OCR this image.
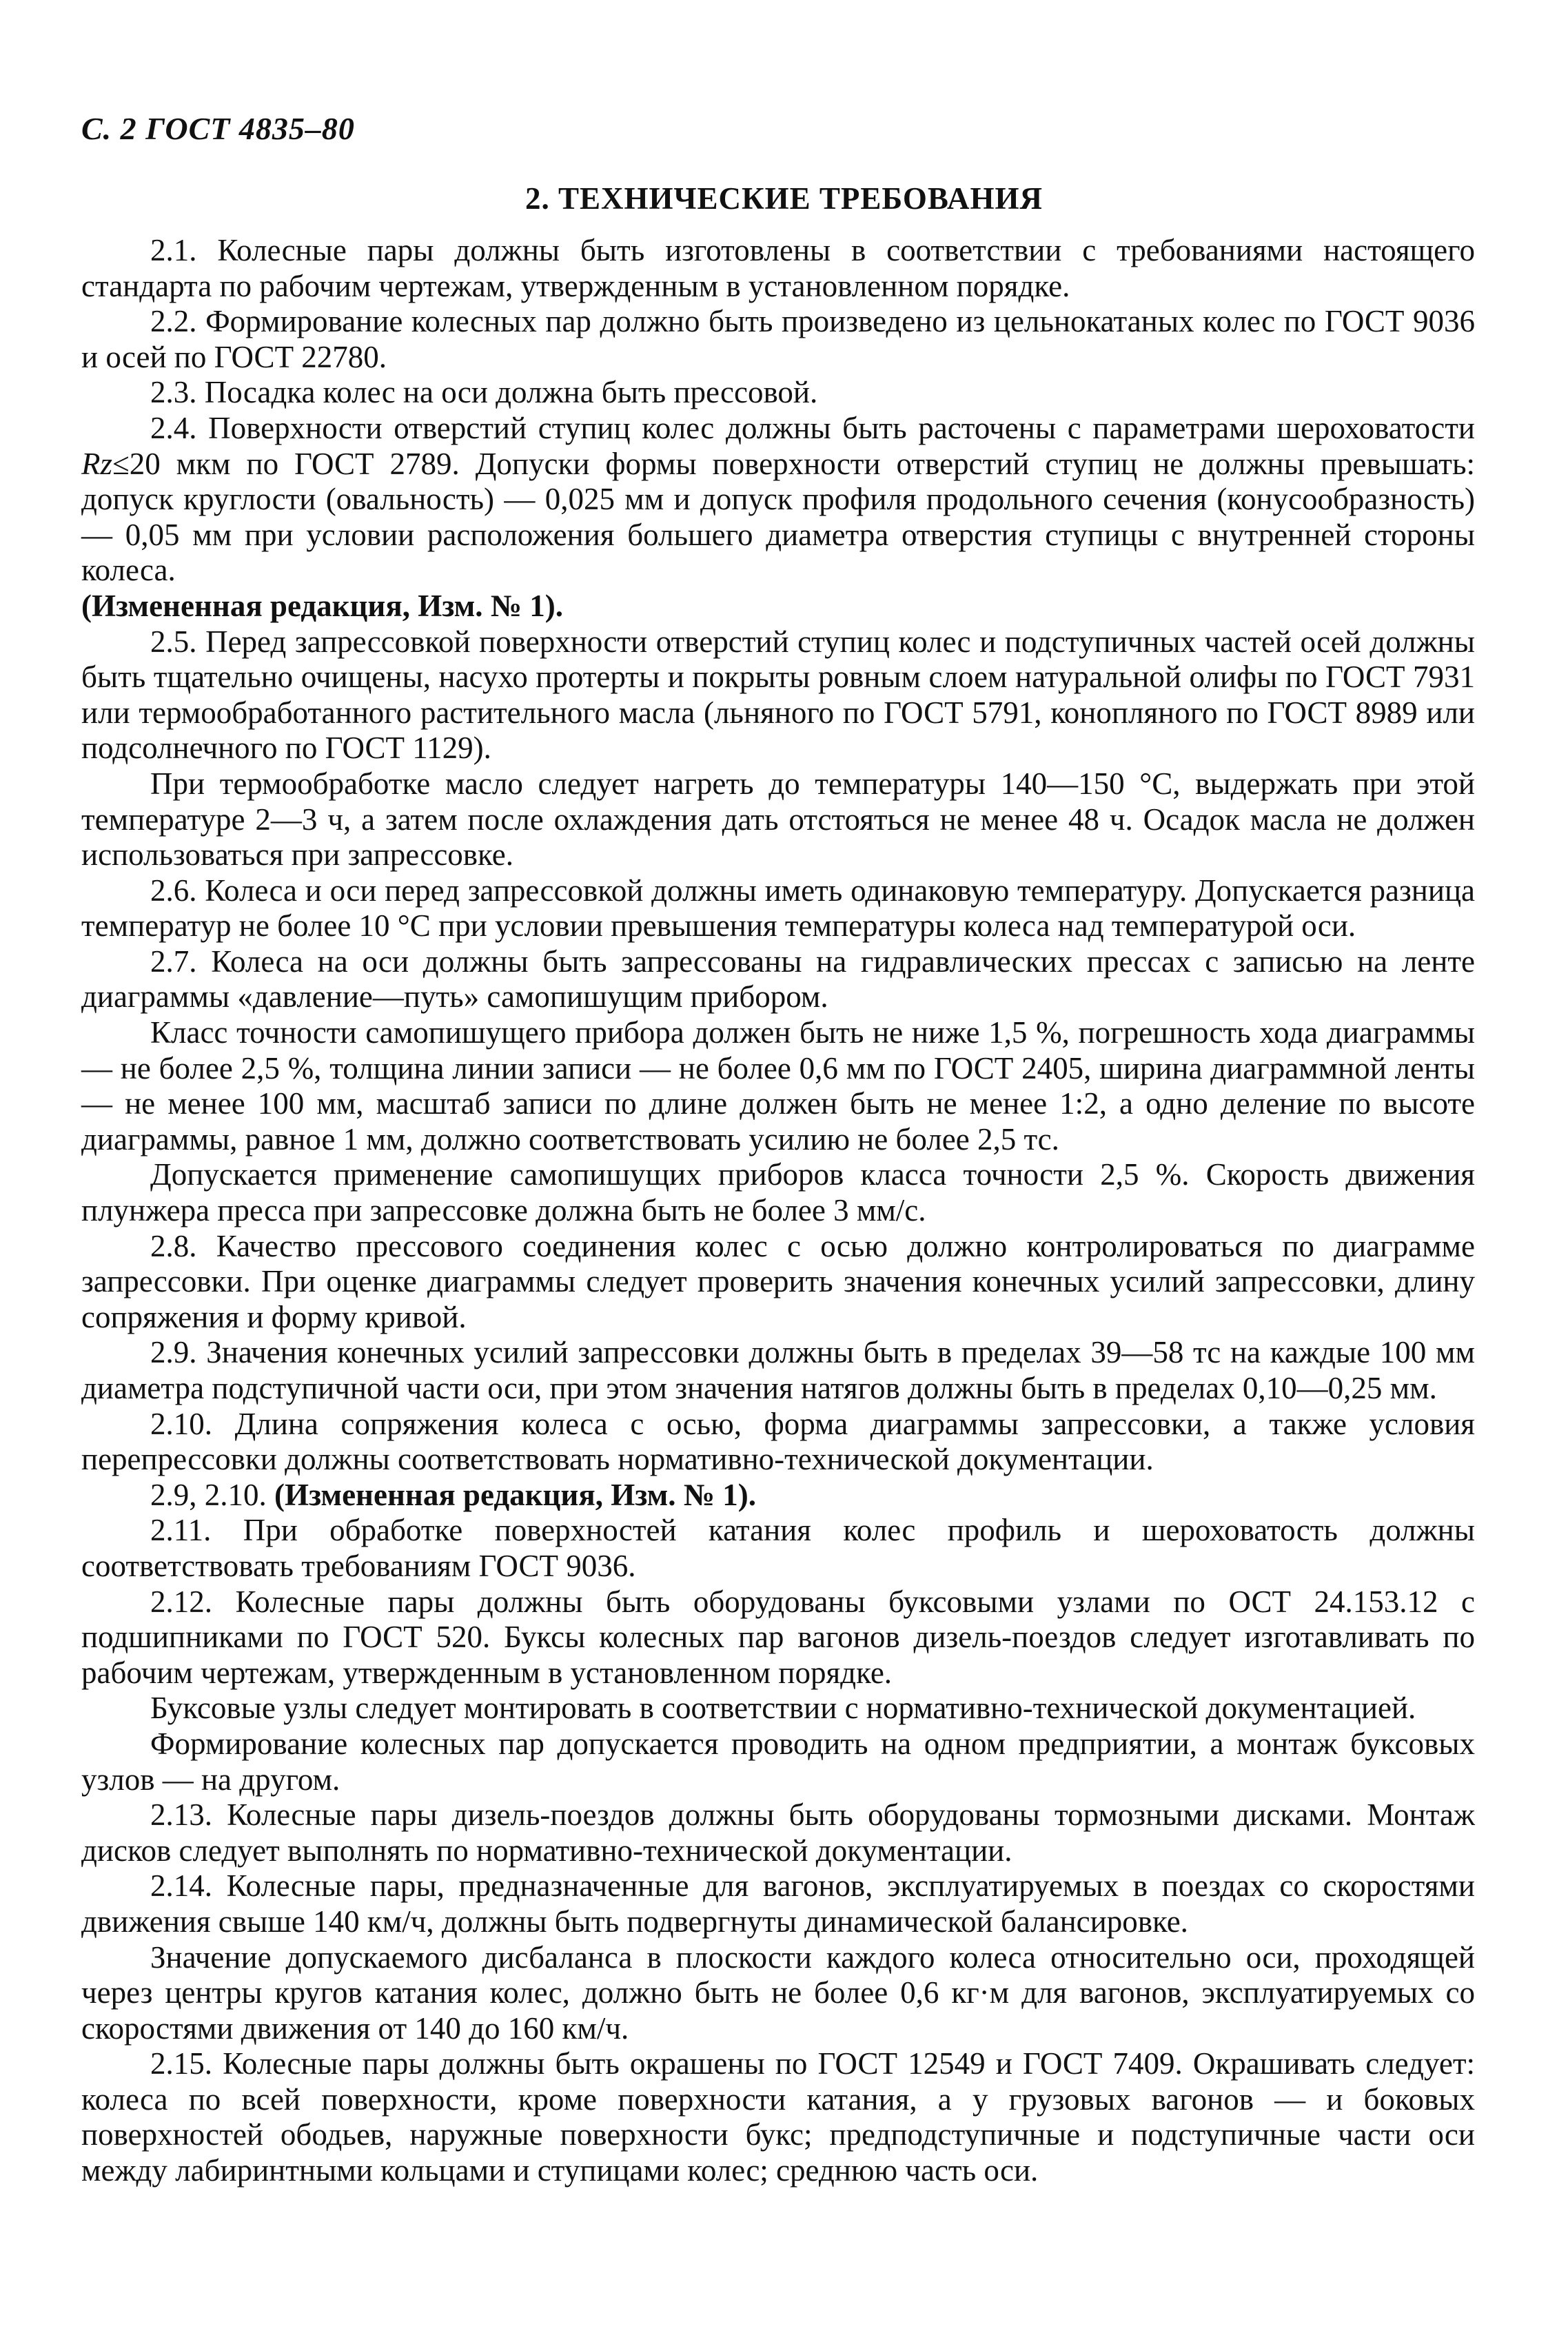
С. 2 ГОСТ 4835–80
2. ТЕХНИЧЕСКИЕ ТРЕБОВАНИЯ

2.1. Колесные пары должны быть изготовлены в соответствии с требованиями настоящего стандарта по рабочим чертежам, утвержденным в установленном порядке.

2.2. Формирование колесных пар должно быть произведено из цельнокатаных колес по ГОСТ 9036 и осей по ГОСТ 22780.

2.3. Посадка колес на оси должна быть прессовой.

2.4. Поверхности отверстий ступиц колес должны быть расточены с параметрами шероховатости Rz≤20 мкм по ГОСТ 2789. Допуски формы поверхности отверстий ступиц не должны превышать: допуск круглости (овальность) — 0,025 мм и допуск профиля продольного сечения (конусообразность) — 0,05 мм при условии расположения большего диаметра отверстия ступицы с внутренней стороны колеса.

(Измененная редакция, Изм. № 1).

2.5. Перед запрессовкой поверхности отверстий ступиц колес и подступичных частей осей должны быть тщательно очищены, насухо протерты и покрыты ровным слоем натуральной олифы по ГОСТ 7931 или термообработанного растительного масла (льняного по ГОСТ 5791, конопляного по ГОСТ 8989 или подсолнечного по ГОСТ 1129).

При термообработке масло следует нагреть до температуры 140—150 °С, выдержать при этой температуре 2—3 ч, а затем после охлаждения дать отстояться не менее 48 ч. Осадок масла не должен использоваться при запрессовке.

2.6. Колеса и оси перед запрессовкой должны иметь одинаковую температуру. Допускается разница температур не более 10 °С при условии превышения температуры колеса над температурой оси.

2.7. Колеса на оси должны быть запрессованы на гидравлических прессах с записью на ленте диаграммы «давление—путь» самопишущим прибором.

Класс точности самопишущего прибора должен быть не ниже 1,5 %, погрешность хода диаграммы — не более 2,5 %, толщина линии записи — не более 0,6 мм по ГОСТ 2405, ширина диаграммной ленты — не менее 100 мм, масштаб записи по длине должен быть не менее 1:2, а одно деление по высоте диаграммы, равное 1 мм, должно соответствовать усилию не более 2,5 тс.

Допускается применение самопишущих приборов класса точности 2,5 %. Скорость движения плунжера пресса при запрессовке должна быть не более 3 мм/с.

2.8. Качество прессового соединения колес с осью должно контролироваться по диаграмме запрессовки. При оценке диаграммы следует проверить значения конечных усилий запрессовки, длину сопряжения и форму кривой.

2.9. Значения конечных усилий запрессовки должны быть в пределах 39—58 тс на каждые 100 мм диаметра подступичной части оси, при этом значения натягов должны быть в пределах 0,10—0,25 мм.

2.10. Длина сопряжения колеса с осью, форма диаграммы запрессовки, а также условия перепрессовки должны соответствовать нормативно-технической документации.

2.9, 2.10. (Измененная редакция, Изм. № 1).

2.11. При обработке поверхностей катания колес профиль и шероховатость должны соответствовать требованиям ГОСТ 9036.

2.12. Колесные пары должны быть оборудованы буксовыми узлами по ОСТ 24.153.12 с подшипниками по ГОСТ 520. Буксы колесных пар вагонов дизель-поездов следует изготавливать по рабочим чертежам, утвержденным в установленном порядке.

Буксовые узлы следует монтировать в соответствии с нормативно-технической документацией.

Формирование колесных пар допускается проводить на одном предприятии, а монтаж буксовых узлов — на другом.

2.13. Колесные пары дизель-поездов должны быть оборудованы тормозными дисками. Монтаж дисков следует выполнять по нормативно-технической документации.

2.14. Колесные пары, предназначенные для вагонов, эксплуатируемых в поездах со скоростями движения свыше 140 км/ч, должны быть подвергнуты динамической балансировке.

Значение допускаемого дисбаланса в плоскости каждого колеса относительно оси, проходящей через центры кругов катания колес, должно быть не более 0,6 кг·м для вагонов, эксплуатируемых со скоростями движения от 140 до 160 км/ч.

2.15. Колесные пары должны быть окрашены по ГОСТ 12549 и ГОСТ 7409. Окрашивать следует: колеса по всей поверхности, кроме поверхности катания, а у грузовых вагонов — и боковых поверхностей ободьев, наружные поверхности букс; предподступичные и подступичные части оси между лабиринтными кольцами и ступицами колес; среднюю часть оси.
